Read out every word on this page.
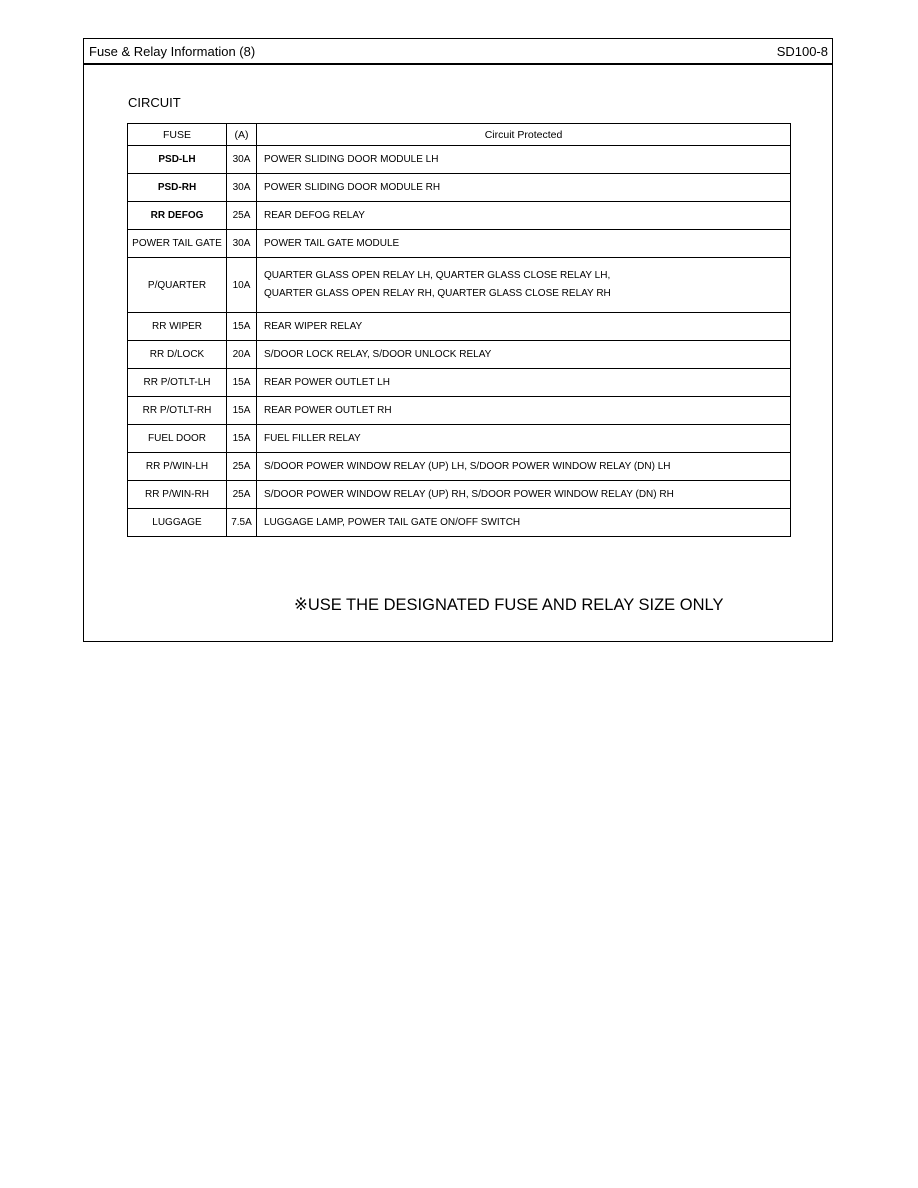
Fuse & Relay Information (8)	SD100-8
CIRCUIT
FUSE	(A)	Circuit Protected
PSD-LH	30A	POWER SLIDING DOOR MODULE LH
PSD-RH	30A	POWER SLIDING DOOR MODULE RH
RR DEFOG	25A	REAR DEFOG RELAY
POWER TAIL GATE	30A	POWER TAIL GATE MODULE
P/QUARTER	10A	QUARTER GLASS OPEN RELAY LH, QUARTER GLASS CLOSE RELAY LH,
QUARTER GLASS OPEN RELAY RH, QUARTER GLASS CLOSE RELAY RH

RR WIPER	15A	REAR WIPER RELAY
RR D/LOCK	20A	S/DOOR LOCK RELAY, S/DOOR UNLOCK RELAY
RR P/OTLT-LH	15A	REAR POWER OUTLET LH
RR P/OTLT-RH	15A	REAR POWER OUTLET RH
FUEL DOOR	15A	FUEL FILLER RELAY
RR P/WIN-LH	25A	S/DOOR POWER WINDOW RELAY (UP) LH, S/DOOR POWER WINDOW RELAY (DN) LH
RR P/WIN-RH	25A	S/DOOR POWER WINDOW RELAY (UP) RH, S/DOOR POWER WINDOW RELAY (DN) RH
LUGGAGE	7.5A	LUGGAGE LAMP, POWER TAIL GATE ON/OFF SWITCH
※USE THE DESIGNATED FUSE AND RELAY SIZE ONLY
